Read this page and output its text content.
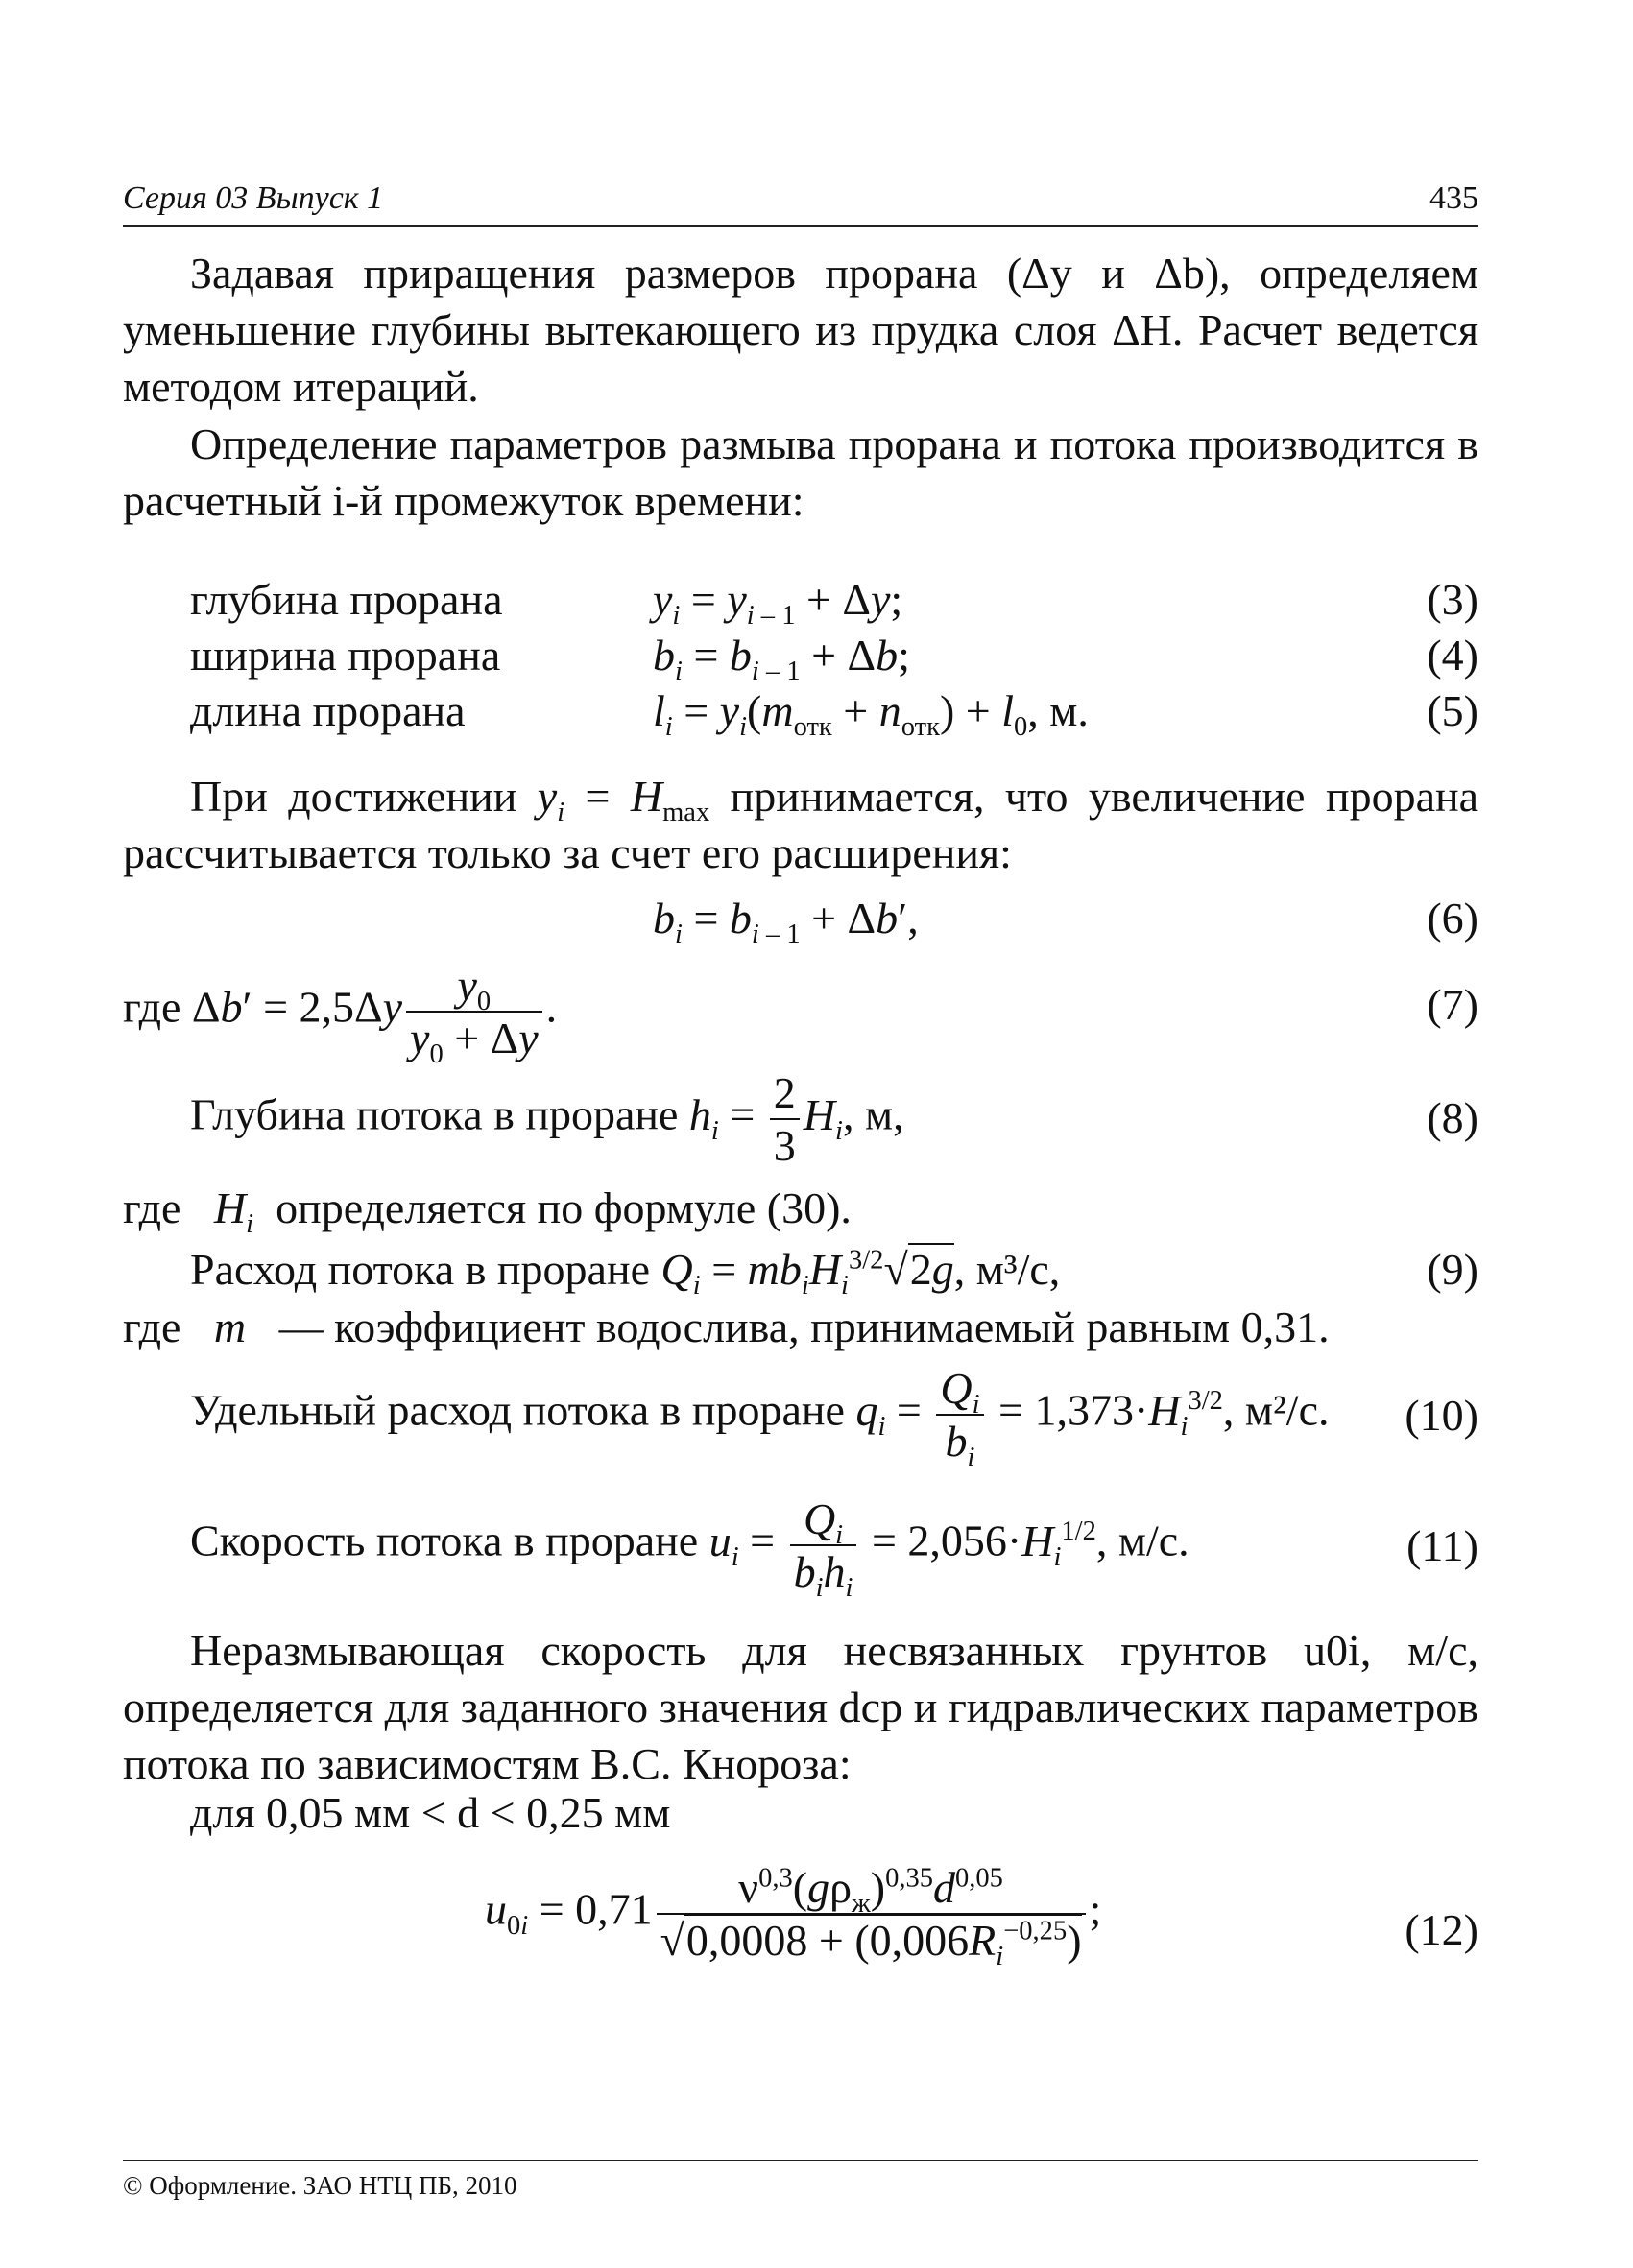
Серия 03 Выпуск 1	435
Задавая приращения размеров прорана (Δy и Δb), определяем уменьшение глубины вытекающего из прудка слоя ΔH. Расчет ведется методом итераций.
Определение параметров размыва прорана и потока производится в расчетный i-й промежуток времени:
глубина прорана	$y_i = y_{i - 1} + \Delta y$;	(3)
ширина прорана	$b_i = b_{i - 1} + \Delta b$;	(4)
длина прорана	$l_i = y_i(m_{отк} + n_{отк}) + l_0$, м.	(5)
При достижении $y_i = H_{max}$ принимается, что увеличение прорана рассчитывается только за счет его расширения:
$b_i = b_{i - 1} + \Delta b'$,	(6)
где $\Delta b' = 2,5\Delta y \frac{y_0}{y_0 + \Delta y}$ .	(7)
Глубина потока в проране $h_i = \frac{2}{3} H_i$, м,	(8)
где $H_i$ определяется по формуле (30).
Расход потока в проране $Q_i = mb_iH_i^{3/2}√2g$, м³/с,	(9)
где m — коэффициент водослива, принимаемый равным 0,31.
Удельный расход потока в проране $q_i = \frac{Q_i}{b_i} = 1,373\cdot H_i^{3/2}$, м²/с.	(10)
Скорость потока в проране $u_i = \frac{Q_i}{b_ih_i} = 2,056\cdot H_i^{1/2}$, м/с.	(11)
Неразмывающая скорость для несвязанных грунтов u0i, м/с, определяется для заданного значения dср и гидравлических параметров потока по зависимостям В.С. Кнороза:
для 0,05 мм < d < 0,25 мм
$u_{0i} = 0,71 \frac{\nu^{0,3}(g\rho_ж)^{0,35}d^{0,05}}{√0,0008 + (0,006R_i^{-0,25})}$ ;	(12)
© Оформление. ЗАО НТЦ ПБ, 2010
